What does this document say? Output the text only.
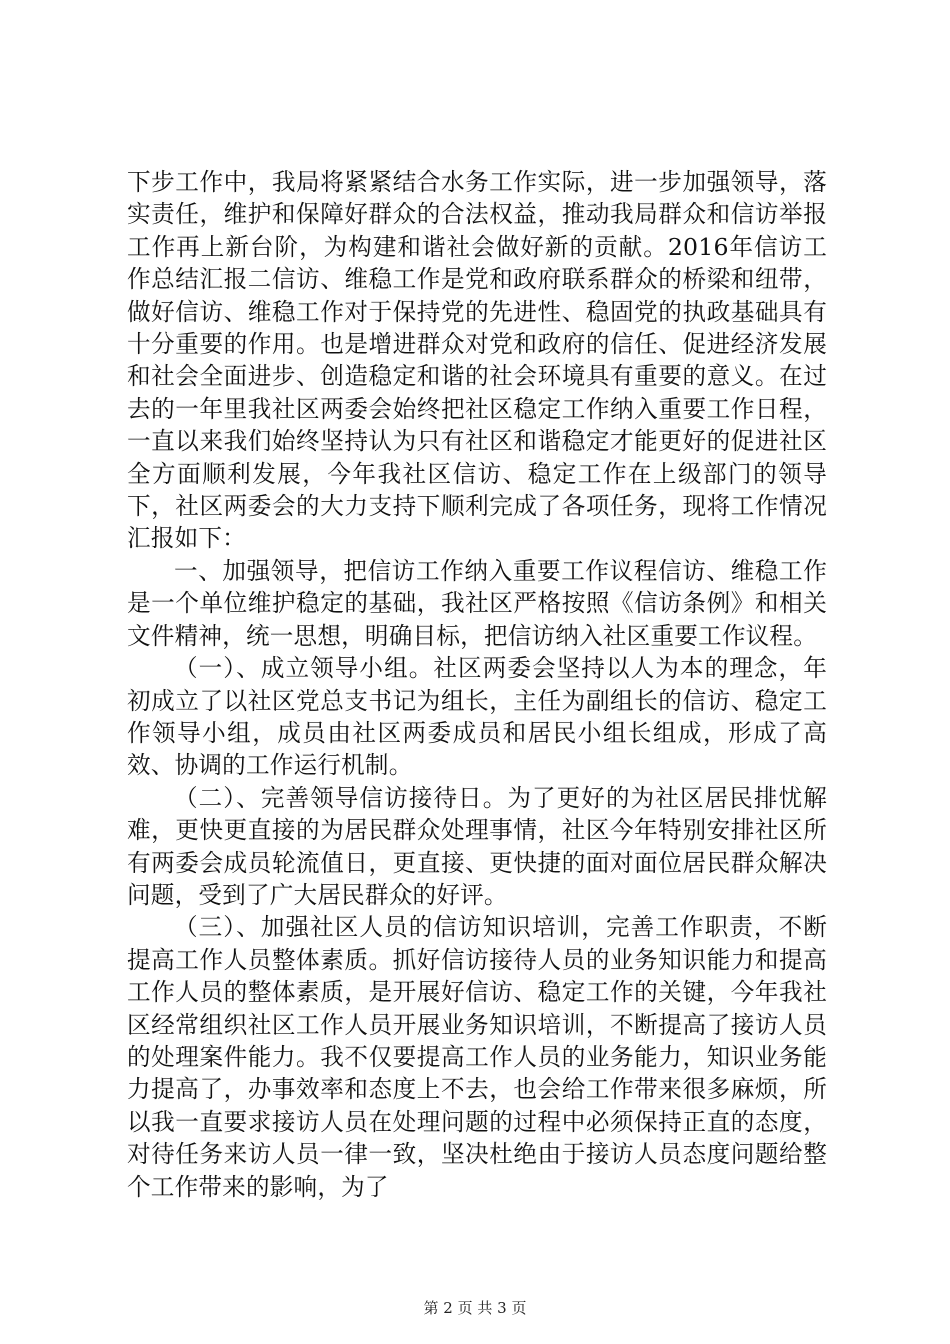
下步工作中，我局将紧紧结合水务工作实际，进一步加强领导，落实责任，维护和保障好群众的合法权益，推动我局群众和信访举报工作再上新台阶，为构建和谐社会做好新的贡献。2016年信访工作总结汇报二信访、维稳工作是党和政府联系群众的桥梁和纽带，做好信访、维稳工作对于保持党的先进性、稳固党的执政基础具有十分重要的作用。也是增进群众对党和政府的信任、促进经济发展和社会全面进步、创造稳定和谐的社会环境具有重要的意义。在过去的一年里我社区两委会始终把社区稳定工作纳入重要工作日程，一直以来我们始终坚持认为只有社区和谐稳定才能更好的促进社区全方面顺利发展，今年我社区信访、稳定工作在上级部门的领导下，社区两委会的大力支持下顺利完成了各项任务，现将工作情况汇报如下：

一、加强领导，把信访工作纳入重要工作议程信访、维稳工作是一个单位维护稳定的基础，我社区严格按照《信访条例》和相关文件精神，统一思想，明确目标，把信访纳入社区重要工作议程。

（一）、成立领导小组。社区两委会坚持以人为本的理念，年初成立了以社区党总支书记为组长，主任为副组长的信访、稳定工作领导小组，成员由社区两委成员和居民小组长组成，形成了高效、协调的工作运行机制。

（二）、完善领导信访接待日。为了更好的为社区居民排忧解难，更快更直接的为居民群众处理事情，社区今年特别安排社区所有两委会成员轮流值日，更直接、更快捷的面对面位居民群众解决问题，受到了广大居民群众的好评。

（三）、加强社区人员的信访知识培训，完善工作职责，不断提高工作人员整体素质。抓好信访接待人员的业务知识能力和提高工作人员的整体素质，是开展好信访、稳定工作的关键，今年我社区经常组织社区工作人员开展业务知识培训，不断提高了接访人员的处理案件能力。我不仅要提高工作人员的业务能力，知识业务能力提高了，办事效率和态度上不去，也会给工作带来很多麻烦，所以我一直要求接访人员在处理问题的过程中必须保持正直的态度，对待任务来访人员一律一致，坚决杜绝由于接访人员态度问题给整个工作带来的影响，为了

第 2 页 共 3 页
